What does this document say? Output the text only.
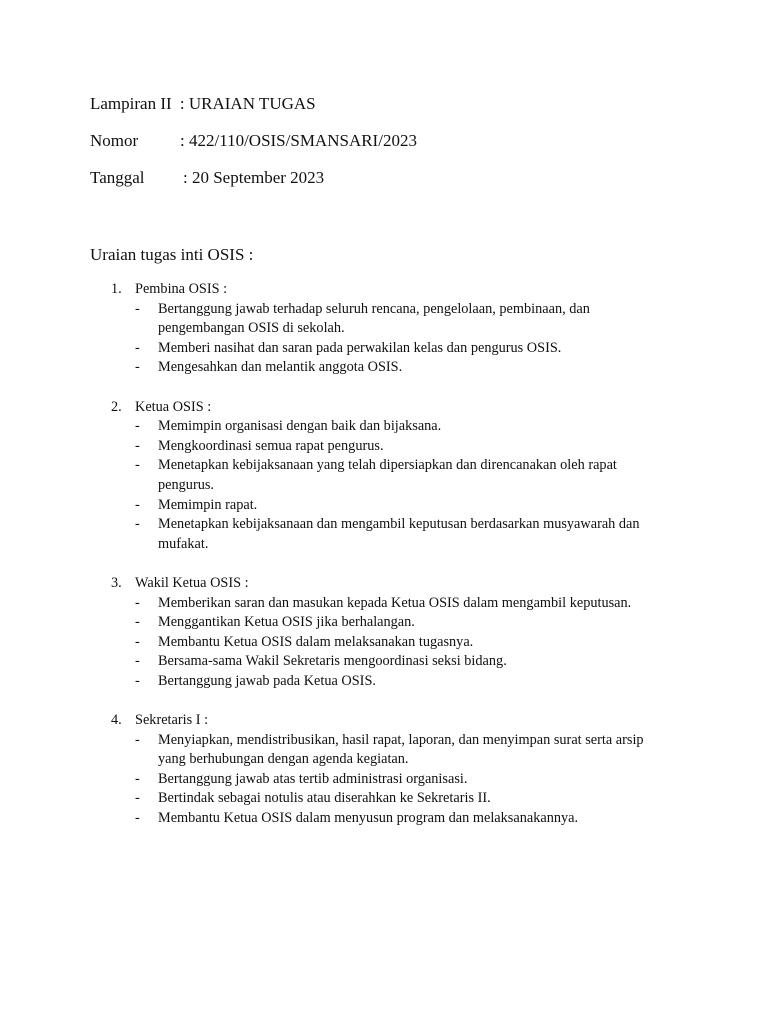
Lampiran II : URAIAN TUGAS
Nomor : 422/110/OSIS/SMANSARI/2023
Tanggal : 20 September 2023
Uraian tugas inti OSIS :
1. Pembina OSIS :
-	Bertanggung jawab terhadap seluruh rencana, pengelolaan, pembinaan, dan pengembangan OSIS di sekolah.
-	Memberi nasihat dan saran pada perwakilan kelas dan pengurus OSIS.
-	Mengesahkan dan melantik anggota OSIS.
2. Ketua OSIS :
-	Memimpin organisasi dengan baik dan bijaksana.
-	Mengkoordinasi semua rapat pengurus.
-	Menetapkan kebijaksanaan yang telah dipersiapkan dan direncanakan oleh rapat pengurus.
-	Memimpin rapat.
-	Menetapkan kebijaksanaan dan mengambil keputusan berdasarkan musyawarah dan mufakat.
3. Wakil Ketua OSIS :
-	Memberikan saran dan masukan kepada Ketua OSIS dalam mengambil keputusan.
-	Menggantikan Ketua OSIS jika berhalangan.
-	Membantu Ketua OSIS dalam melaksanakan tugasnya.
-	Bersama-sama Wakil Sekretaris mengoordinasi seksi bidang.
-	Bertanggung jawab pada Ketua OSIS.
4. Sekretaris I :
-	Menyiapkan, mendistribusikan, hasil rapat, laporan, dan menyimpan surat serta arsip yang berhubungan dengan agenda kegiatan.
-	Bertanggung jawab atas tertib administrasi organisasi.
-	Bertindak sebagai notulis atau diserahkan ke Sekretaris II.
-	Membantu Ketua OSIS dalam menyusun program dan melaksanakannya.
